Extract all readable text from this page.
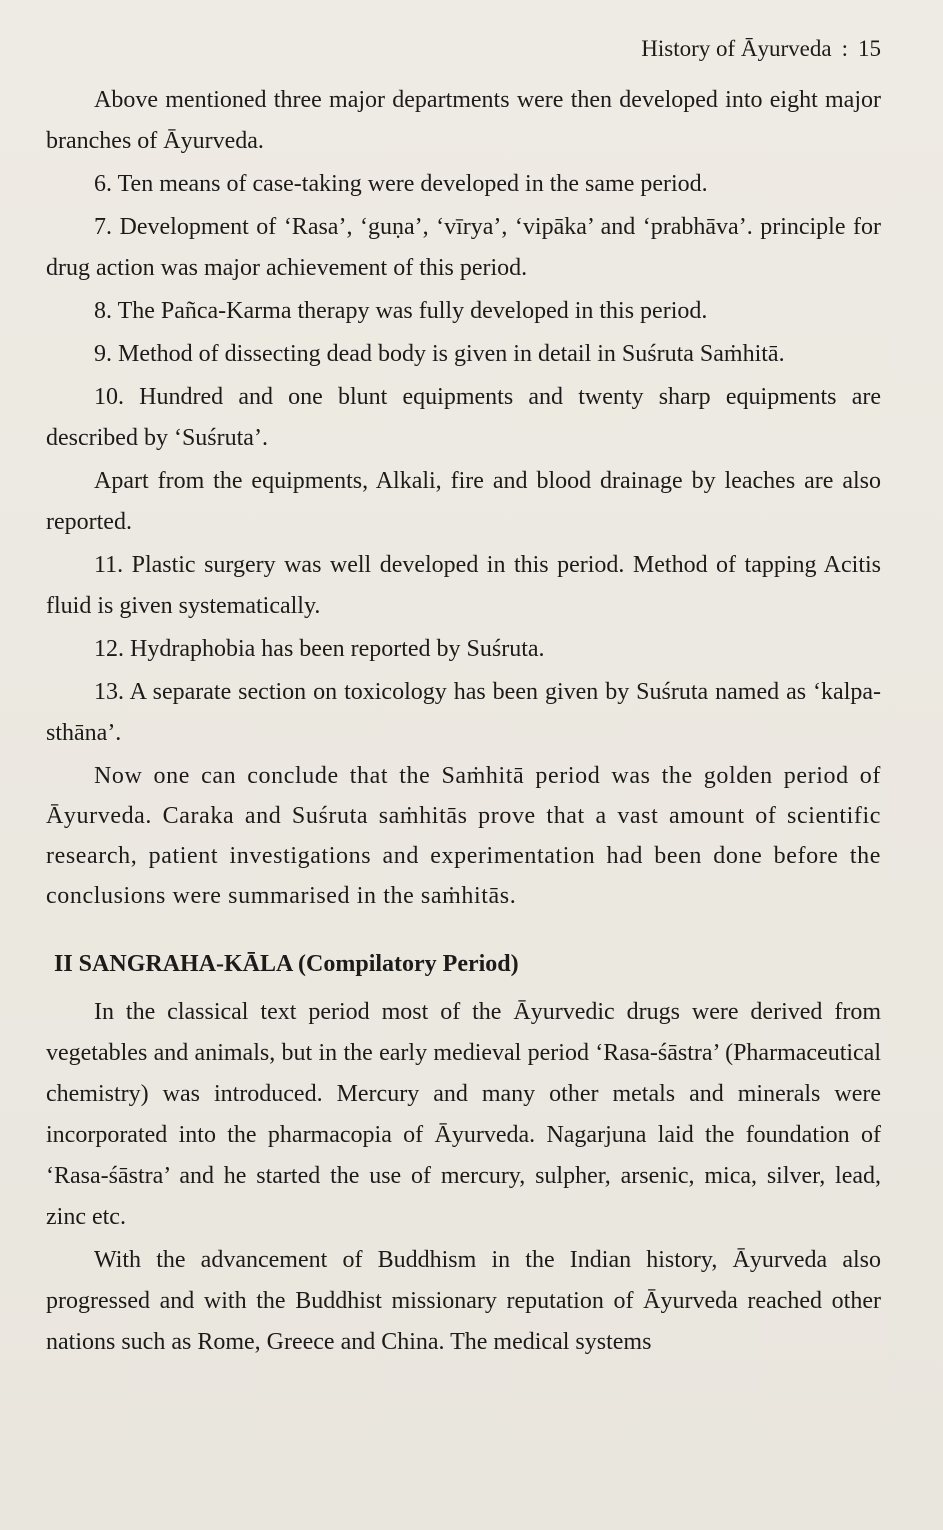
History of Āyurveda : 15

Above mentioned three major departments were then developed into eight major branches of Āyurveda.

6. Ten means of case-taking were developed in the same period.

7. Development of ‘Rasa’, ‘guṇa’, ‘vīrya’, ‘vipāka’ and ‘prabhāva’. principle for drug action was major achievement of this period.

8. The Pañca-Karma therapy was fully developed in this period.

9. Method of dissecting dead body is given in detail in Suśruta Saṁhitā.

10. Hundred and one blunt equipments and twenty sharp equipments are described by ‘Suśruta’.

Apart from the equipments, Alkali, fire and blood drainage by leaches are also reported.

11. Plastic surgery was well developed in this period. Method of tapping Acitis fluid is given systematically.

12. Hydraphobia has been reported by Suśruta.

13. A separate section on toxicology has been given by Suśruta named as ‘kalpa-sthāna’.

Now one can conclude that the Saṁhitā period was the golden period of Āyurveda. Caraka and Suśruta saṁhitās prove that a vast amount of scientific research, patient investigations and experimentation had been done before the conclusions were summarised in the saṁhitās.

II SANGRAHA-KĀLA (Compilatory Period)

In the classical text period most of the Āyurvedic drugs were derived from vegetables and animals, but in the early medieval period ‘Rasa-śāstra’ (Pharmaceutical chemistry) was introduced. Mercury and many other metals and minerals were incorporated into the pharmacopia of Āyurveda. Nagarjuna laid the foundation of ‘Rasa-śāstra’ and he started the use of mercury, sulpher, arsenic, mica, silver, lead, zinc etc.

With the advancement of Buddhism in the Indian history, Āyurveda also progressed and with the Buddhist missionary reputation of Āyurveda reached other nations such as Rome, Greece and China. The medical systems
